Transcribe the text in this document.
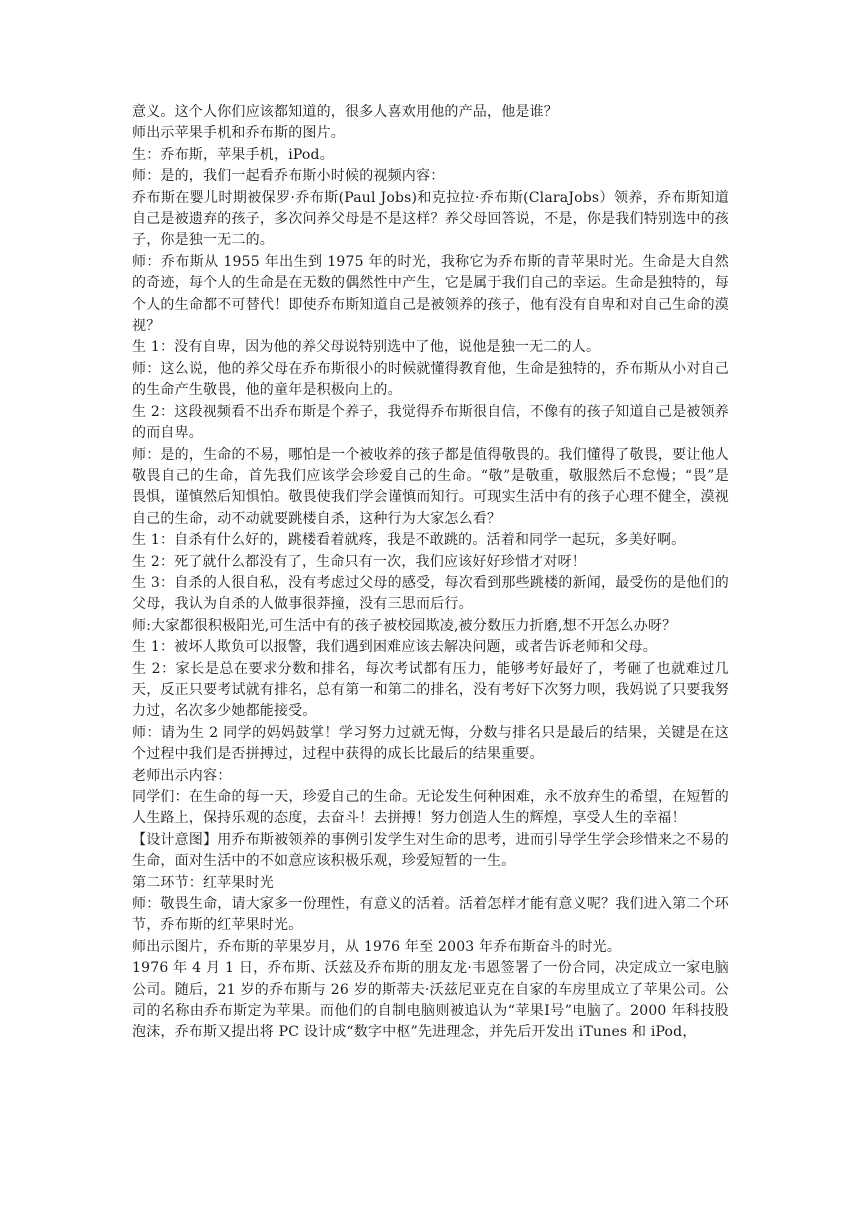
意义。这个人你们应该都知道的，很多人喜欢用他的产品，他是谁？

师出示苹果手机和乔布斯的图片。

生：乔布斯，苹果手机，iPod。

师：是的，我们一起看乔布斯小时候的视频内容：

乔布斯在婴儿时期被保罗·乔布斯(Paul Jobs)和克拉拉·乔布斯(ClaraJobs）领养，乔布斯知道自己是被遗弃的孩子，多次问养父母是不是这样？养父母回答说，不是，你是我们特别选中的孩子，你是独一无二的。

师：乔布斯从 1955 年出生到 1975 年的时光，我称它为乔布斯的青苹果时光。生命是大自然的奇迹，每个人的生命是在无数的偶然性中产生，它是属于我们自己的幸运。生命是独特的，每个人的生命都不可替代！即使乔布斯知道自己是被领养的孩子，他有没有自卑和对自己生命的漠视？

生 1：没有自卑，因为他的养父母说特别选中了他，说他是独一无二的人。

师：这么说，他的养父母在乔布斯很小的时候就懂得教育他，生命是独特的，乔布斯从小对自己的生命产生敬畏，他的童年是积极向上的。

生 2：这段视频看不出乔布斯是个养子，我觉得乔布斯很自信，不像有的孩子知道自己是被领养的而自卑。

师：是的，生命的不易，哪怕是一个被收养的孩子都是值得敬畏的。我们懂得了敬畏，要让他人敬畏自己的生命，首先我们应该学会珍爱自己的生命。“敬”是敬重，敬服然后不怠慢；“畏”是畏惧，谨慎然后知惧怕。敬畏使我们学会谨慎而知行。可现实生活中有的孩子心理不健全，漠视自己的生命，动不动就要跳楼自杀，这种行为大家怎么看？

生 1：自杀有什么好的，跳楼看着就疼，我是不敢跳的。活着和同学一起玩，多美好啊。

生 2：死了就什么都没有了，生命只有一次，我们应该好好珍惜才对呀！

生 3：自杀的人很自私，没有考虑过父母的感受，每次看到那些跳楼的新闻，最受伤的是他们的父母，我认为自杀的人做事很莽撞，没有三思而后行。

师:大家都很积极阳光,可生活中有的孩子被校园欺凌,被分数压力折磨,想不开怎么办呀？

生 1：被坏人欺负可以报警，我们遇到困难应该去解决问题，或者告诉老师和父母。

生 2：家长是总在要求分数和排名，每次考试都有压力，能够考好最好了，考砸了也就难过几天，反正只要考试就有排名，总有第一和第二的排名，没有考好下次努力呗，我妈说了只要我努力过，名次多少她都能接受。

师：请为生 2 同学的妈妈鼓掌！学习努力过就无悔，分数与排名只是最后的结果，关键是在这个过程中我们是否拼搏过，过程中获得的成长比最后的结果重要。

老师出示内容：

同学们：在生命的每一天，珍爱自己的生命。无论发生何种困难，永不放弃生的希望，在短暂的人生路上，保持乐观的态度，去奋斗！去拼搏！努力创造人生的辉煌，享受人生的幸福！

【设计意图】用乔布斯被领养的事例引发学生对生命的思考，进而引导学生学会珍惜来之不易的生命，面对生活中的不如意应该积极乐观，珍爱短暂的一生。

第二环节：红苹果时光

师：敬畏生命，请大家多一份理性，有意义的活着。活着怎样才能有意义呢？我们进入第二个环节，乔布斯的红苹果时光。

师出示图片，乔布斯的苹果岁月，从 1976 年至 2003 年乔布斯奋斗的时光。

1976 年 4 月 1 日，乔布斯、沃兹及乔布斯的朋友龙·韦恩签署了一份合同，决定成立一家电脑公司。随后，21 岁的乔布斯与 26 岁的斯蒂夫·沃兹尼亚克在自家的车房里成立了苹果公司。公司的名称由乔布斯定为苹果。而他们的自制电脑则被追认为“苹果Ⅰ号”电脑了。2000 年科技股泡沫，乔布斯又提出将 PC 设计成“数字中枢”先进理念，并先后开发出 iTunes 和 iPod，
